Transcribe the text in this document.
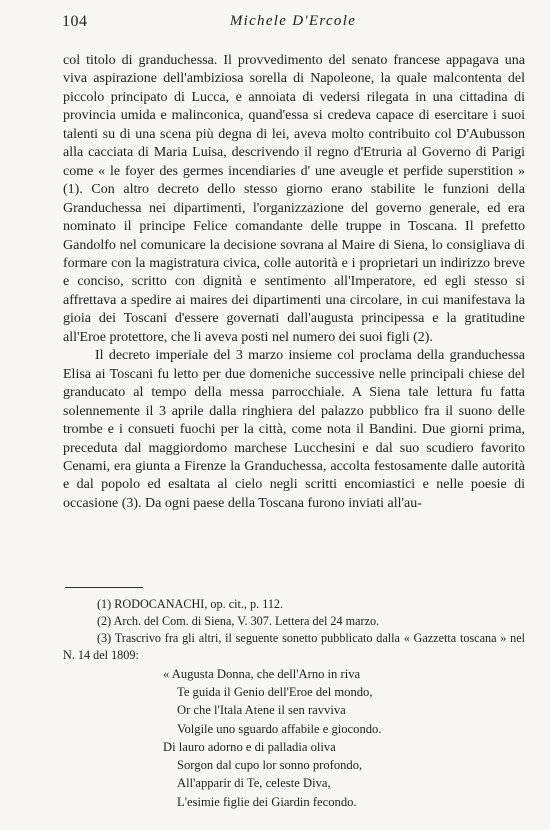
104	Michele D'Ercole

col titolo di granduchessa. Il provvedimento del senato francese appagava una viva aspirazione dell'ambiziosa sorella di Napoleone, la quale malcontenta del piccolo principato di Lucca, e annoiata di vedersi rilegata in una cittadina di provincia umida e malinconica, quand'essa si credeva capace di esercitare i suoi talenti su di una scena più degna di lei, aveva molto contribuito col D'Aubusson alla cacciata di Maria Luisa, descrivendo il regno d'Etruria al Governo di Parigi come « le foyer des germes incendiaries d' une aveugle et perfide superstition » (1). Con altro decreto dello stesso giorno erano stabilite le funzioni della Granduchessa nei dipartimenti, l'organizzazione del governo generale, ed era nominato il principe Felice comandante delle truppe in Toscana. Il prefetto Gandolfo nel comunicare la decisione sovrana al Maire di Siena, lo consigliava di formare con la magistratura civica, colle autorità e i proprietari un indirizzo breve e conciso, scritto con dignità e sentimento all'Imperatore, ed egli stesso si affrettava a spedire ai maires dei dipartimenti una circolare, in cui manifestava la gioia dei Toscani d'essere governati dall'augusta principessa e la gratitudine all'Eroe protettore, che li aveva posti nel numero dei suoi figli (2).

Il decreto imperiale del 3 marzo insieme col proclama della granduchessa Elisa ai Toscani fu letto per due domeniche successive nelle principali chiese del granducato al tempo della messa parrocchiale. A Siena tale lettura fu fatta solennemente il 3 aprile dalla ringhiera del palazzo pubblico fra il suono delle trombe e i consueti fuochi per la città, come nota il Bandini. Due giorni prima, preceduta dal maggiordomo marchese Lucchesini e dal suo scudiero favorito Cenami, era giunta a Firenze la Granduchessa, accolta festosamente dalle autorità e dal popolo ed esaltata al cielo negli scritti encomiastici e nelle poesie di occasione (3). Da ogni paese della Toscana furono inviati all'au-

(1) RODOCANACHI, op. cit., p. 112.

(2) Arch. del Com. di Siena, V. 307. Lettera del 24 marzo.

(3) Trascrivo fra gli altri, il seguente sonetto pubblicato dalla « Gazzetta toscana » nel N. 14 del 1809:

« Augusta Donna, che dell'Arno in riva
Te guida il Genio dell'Eroe del mondo,
Or che l'Itala Atene il sen ravviva
Volgile uno sguardo affabile e giocondo.
Di lauro adorno e di palladia oliva
Sorgon dal cupo lor sonno profondo,
All'apparir di Te, celeste Diva,
L'esimie figlie dei Giardin fecondo.
